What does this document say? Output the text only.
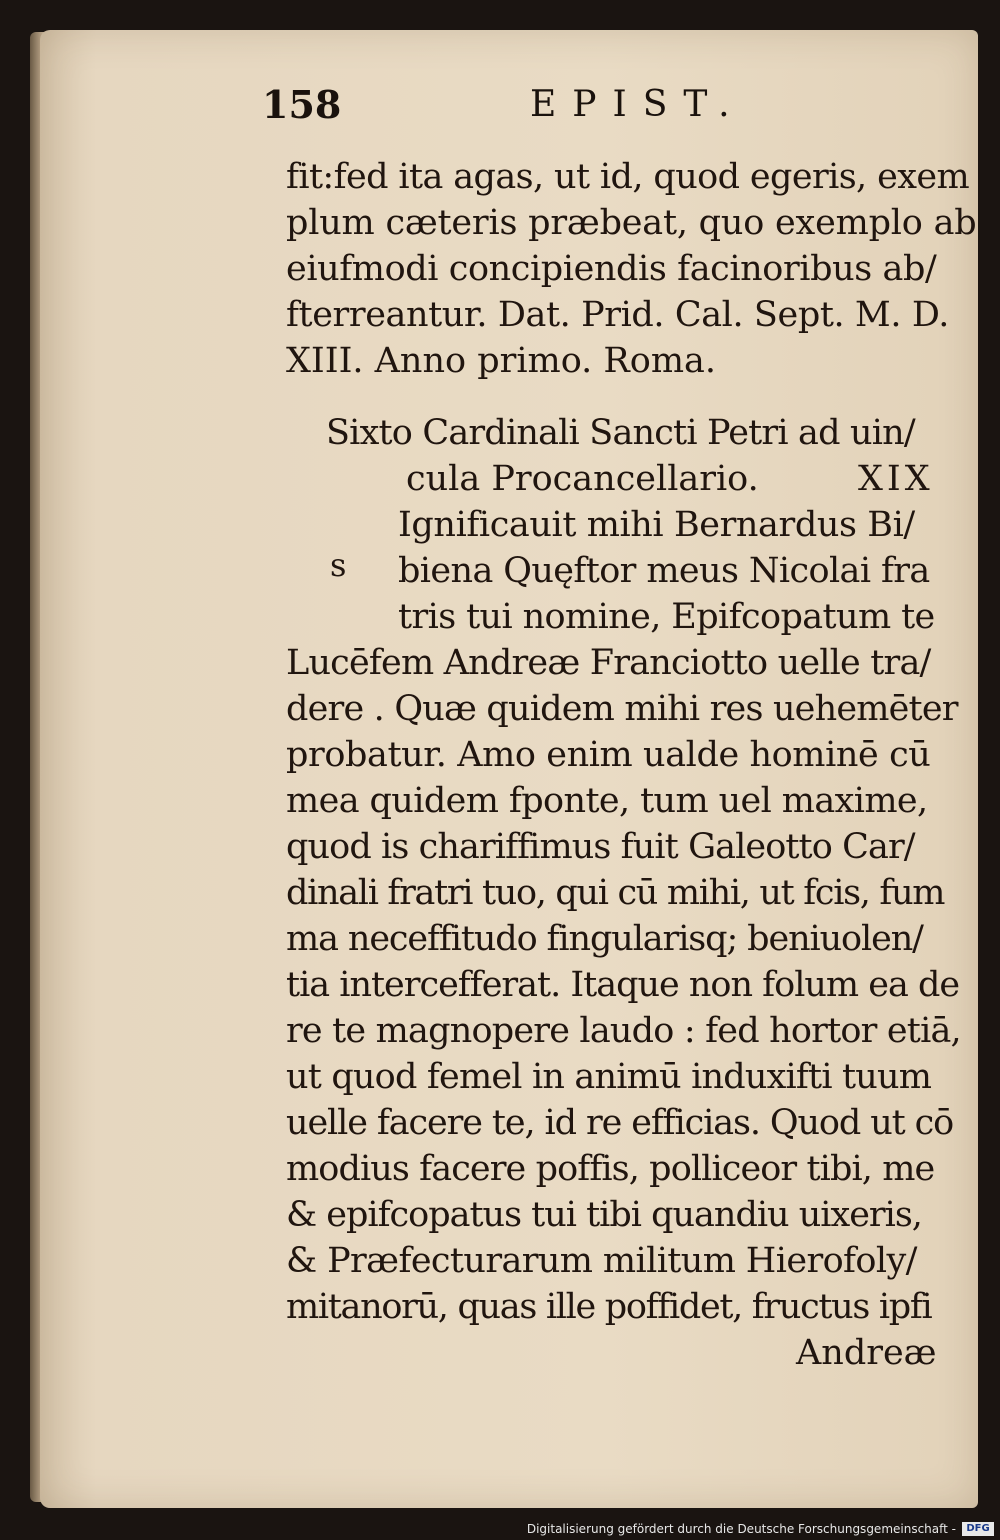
158	EPIST.
fit:fed ita agas, ut id, quod egeris, exem
plum cæteris præbeat, quo exemplo ab
eiufmodi concipiendis facinoribus ab/
fterreantur. Dat. Prid. Cal. Sept. M. D.
XIII. Anno primo. Roma.
Sixto Cardinali Sancti Petri ad uin/
cula Procancellario.	XIX
s
Ignificauit mihi Bernardus Bi/
biena Quęftor meus Nicolai fra
tris tui nomine, Epifcopatum te
Lucēfem Andreæ Franciotto uelle tra/
dere . Quæ quidem mihi res uehemēter
probatur. Amo enim ualde hominē cū
mea quidem fponte, tum uel maxime,
quod is chariffimus fuit Galeotto Car/
dinali fratri tuo, qui cū mihi, ut fcis, fum
ma neceffitudo fingularisq; beniuolen/
tia intercefferat. Itaque non folum ea de
re te magnopere laudo : fed hortor etiā,
ut quod femel in animū induxifti tuum
uelle facere te, id re efficias. Quod ut cō
modius facere poffis, polliceor tibi, me
& epifcopatus tui tibi quandiu uixeris,
& Præfecturarum militum Hierofoly/
mitanorū, quas ille poffidet, fructus ipfi
Andreæ
Digitalisierung gefördert durch die Deutsche Forschungsgemeinschaft -	DFG
